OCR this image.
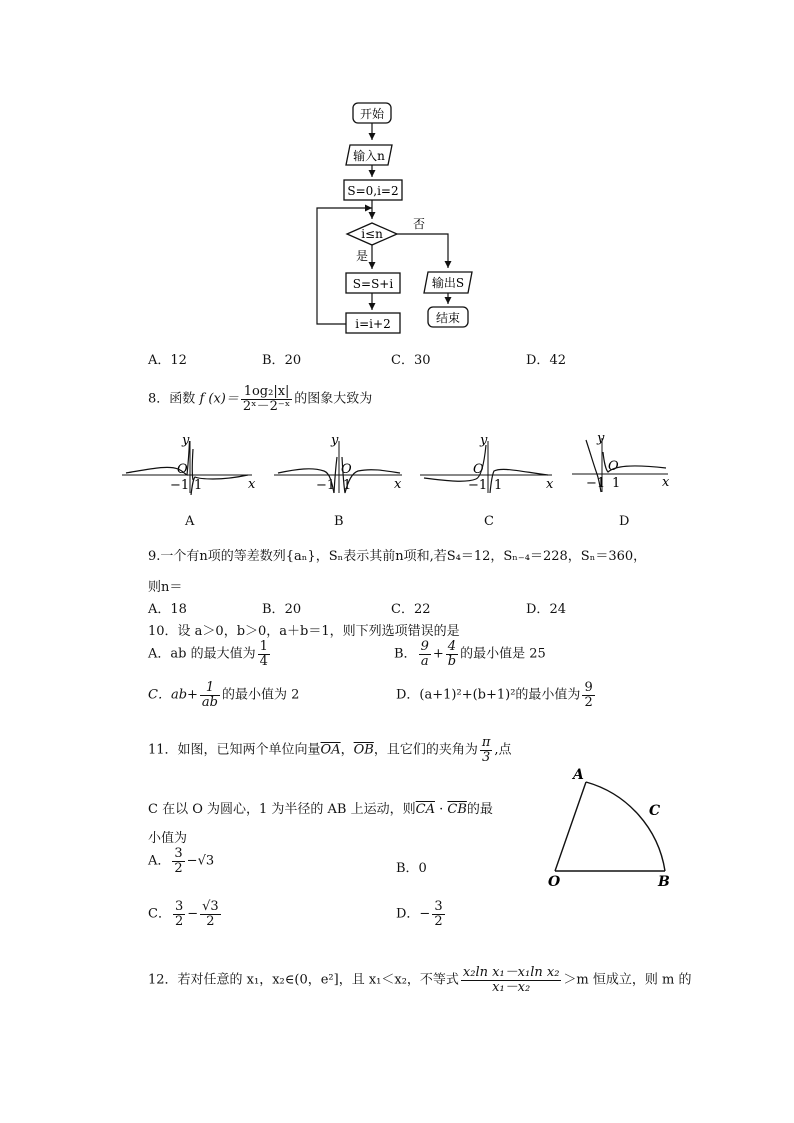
开始
输入n
S=0,i=2
i≤n
否
是
S=S+i
i=i+2
输出S
结束
A．12	B．20	C．30	D．42
8．函数 f $(x)= \frac{\text{1og₂|x|}}{\text{2ˣ－2⁻ˣ}}$ 的图象大致为
x
y
O
−1 1	x
y
O
−1 1	x
y
O
−1 1	x
y
O
−1 1
A	B	C	D
9.一个有n项的等差数列{aₙ}，Sₙ表示其前n项和,若S₄＝12，Sₙ₋₄＝228，Sₙ＝360，
则n＝
A．18	B．20	C．22	D．24
10．设 a＞0，b＞0，a＋b＝1，则下列选项错误的是
A．ab 的最大值为 $\frac{1}{4}$	B． $\frac{9}{a} + \frac{4}{b}$ 的最小值是 25
C．$ab+ \frac{1}{ab}$ 的最小值为 2	D．(a+1)²+(b+1)²的最小值为 $\frac{9}{2}$
11．如图，已知两个单位向量$\overline{OA}$，$\overline{OB}$，且它们的夹角为 $\frac{\pi}{3}$ ,点
C 在以 O 为圆心，1 为半径的 AB 上运动，则$\overline{CA} \cdot \overline{CB}$的最
小值为
A． $\frac{3}{2} -√3$	B．0
C． $\frac{3}{2} - \frac{√3}{2}$	D．− $\frac{3}{2}$
A
B
C
O
12．若对任意的 x₁，x₂∈(0，e²]，且 x₁＜x₂，不等式 $\frac{\text{x₂ln x₁－x₁ln x₂}}{\text{x₁－x₂}} >m$ 恒成立，则 m 的
